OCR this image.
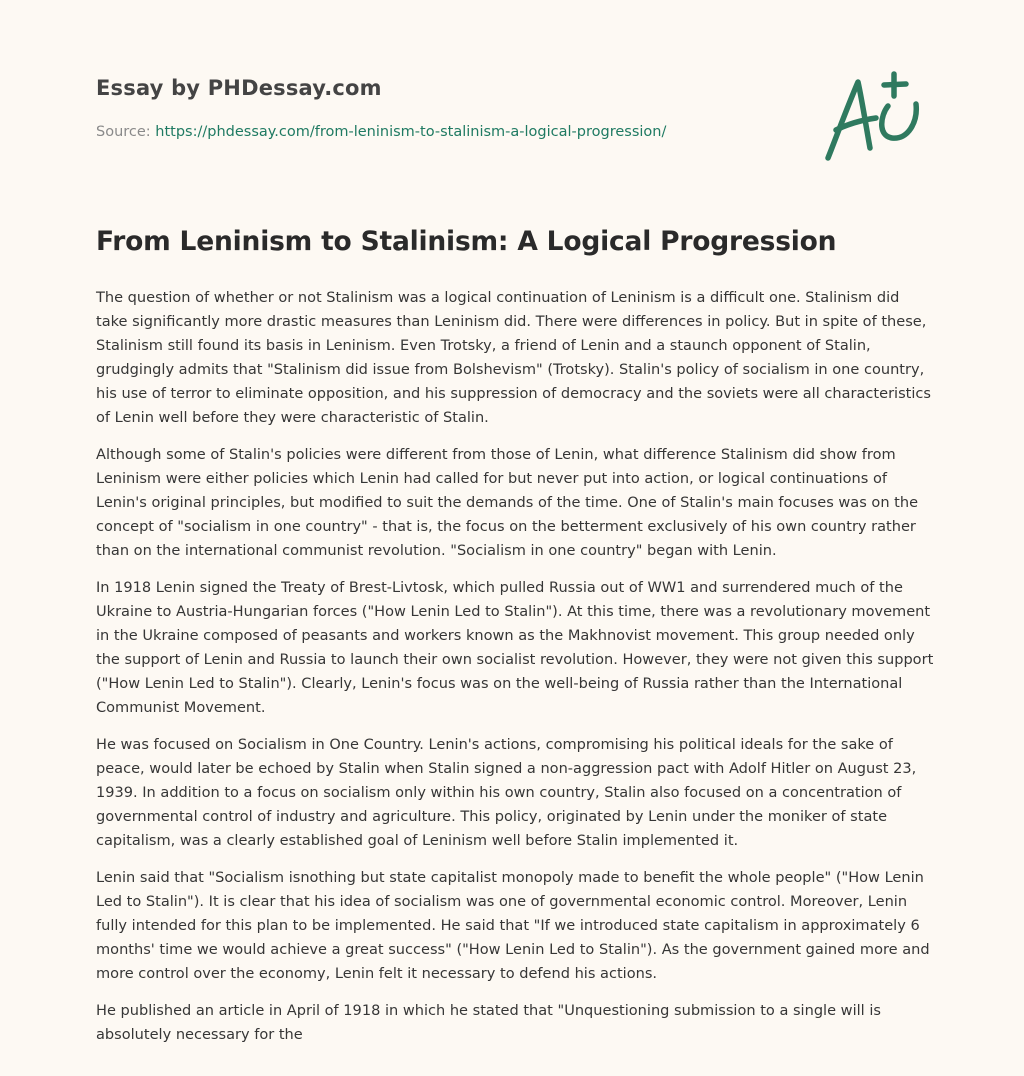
Essay by PHDessay.com
Source: https://phdessay.com/from-leninism-to-stalinism-a-logical-progression/
From Leninism to Stalinism: A Logical Progression

The question of whether or not Stalinism was a logical continuation of Leninism is a difficult one. Stalinism did take significantly more drastic measures than Leninism did. There were differences in policy. But in spite of these, Stalinism still found its basis in Leninism. Even Trotsky, a friend of Lenin and a staunch opponent of Stalin, grudgingly admits that "Stalinism did issue from Bolshevism" (Trotsky). Stalin's policy of socialism in one country, his use of terror to eliminate opposition, and his suppression of democracy and the soviets were all characteristics of Lenin well before they were characteristic of Stalin.

Although some of Stalin's policies were different from those of Lenin, what difference Stalinism did show from Leninism were either policies which Lenin had called for but never put into action, or logical continuations of Lenin's original principles, but modified to suit the demands of the time. One of Stalin's main focuses was on the concept of "socialism in one country" - that is, the focus on the betterment exclusively of his own country rather than on the international communist revolution. "Socialism in one country" began with Lenin.

In 1918 Lenin signed the Treaty of Brest-Livtosk, which pulled Russia out of WW1 and surrendered much of the Ukraine to Austria-Hungarian forces ("How Lenin Led to Stalin"). At this time, there was a revolutionary movement in the Ukraine composed of peasants and workers known as the Makhnovist movement. This group needed only the support of Lenin and Russia to launch their own socialist revolution. However, they were not given this support ("How Lenin Led to Stalin"). Clearly, Lenin's focus was on the well-being of Russia rather than the International Communist Movement.

He was focused on Socialism in One Country. Lenin's actions, compromising his political ideals for the sake of peace, would later be echoed by Stalin when Stalin signed a non-aggression pact with Adolf Hitler on August 23, 1939. In addition to a focus on socialism only within his own country, Stalin also focused on a concentration of governmental control of industry and agriculture. This policy, originated by Lenin under the moniker of state capitalism, was a clearly established goal of Leninism well before Stalin implemented it.

Lenin said that "Socialism isnothing but state capitalist monopoly made to benefit the whole people" ("How Lenin Led to Stalin"). It is clear that his idea of socialism was one of governmental economic control. Moreover, Lenin fully intended for this plan to be implemented. He said that "If we introduced state capitalism in approximately 6 months' time we would achieve a great success" ("How Lenin Led to Stalin"). As the government gained more and more control over the economy, Lenin felt it necessary to defend his actions.

He published an article in April of 1918 in which he stated that "Unquestioning submission to a single will is absolutely necessary for the
